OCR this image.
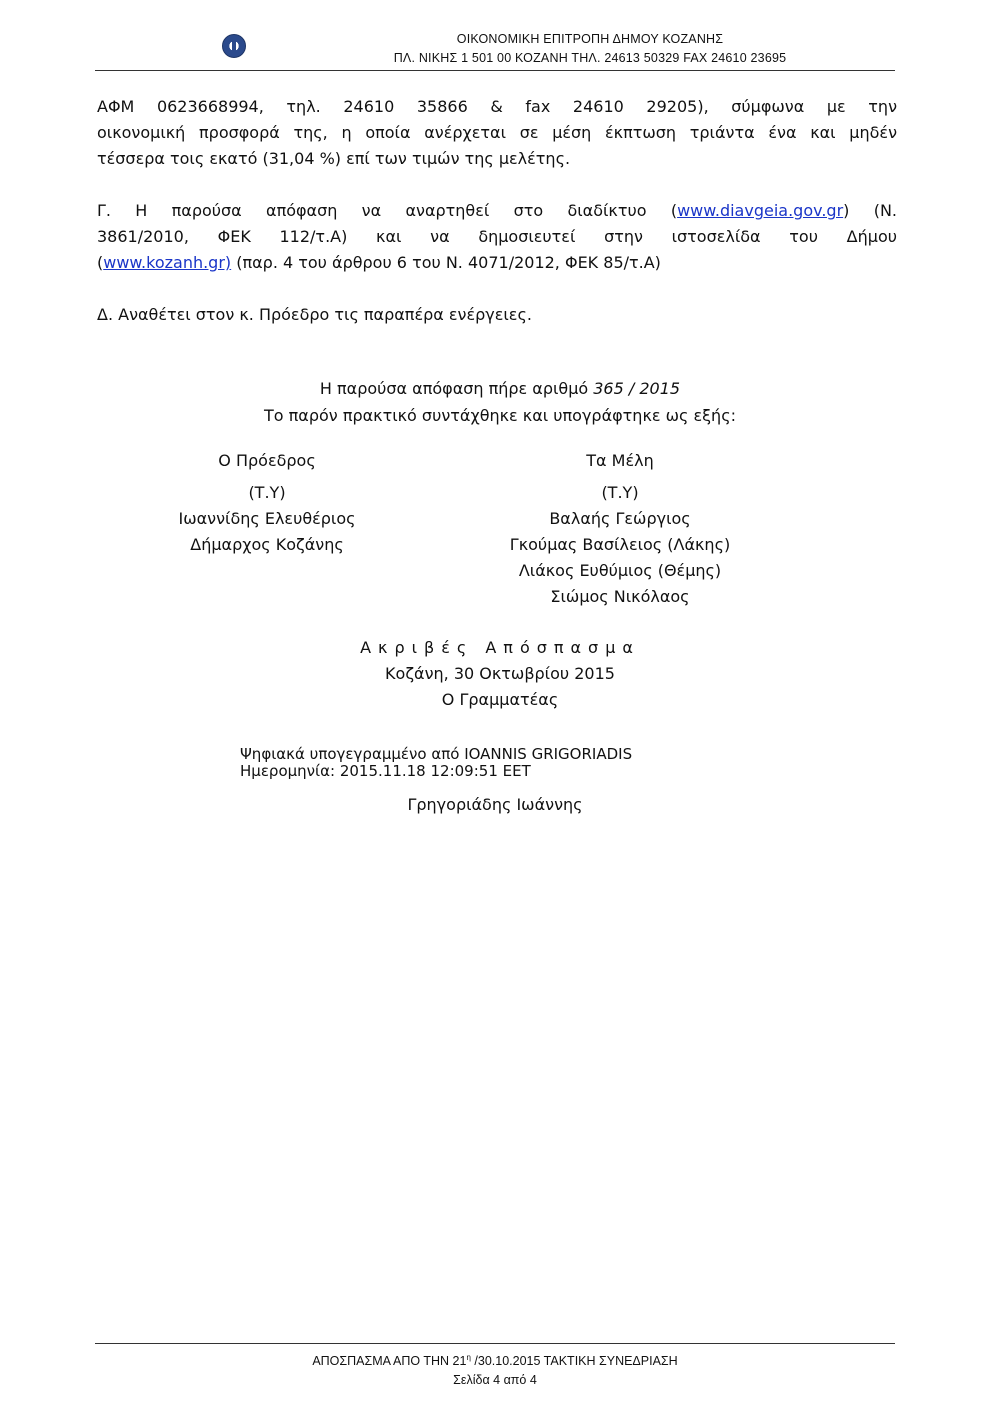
ΟΙΚΟΝΟΜΙΚΗ ΕΠΙΤΡΟΠΗ ΔΗΜΟΥ ΚΟΖΑΝΗΣ
ΠΛ. ΝΙΚΗΣ 1 501 00 ΚΟΖΑΝΗ ΤΗΛ. 24613 50329 FAX 24610 23695
ΑΦΜ 0623668994, τηλ. 24610 35866 & fax 24610 29205), σύμφωνα με την
οικονομική προσφορά της, η οποία ανέρχεται σε μέση έκπτωση τριάντα ένα και μηδέν
τέσσερα τοις εκατό (31,04 %) επί των τιμών της μελέτης.
Γ. Η παρούσα απόφαση να αναρτηθεί στο διαδίκτυο (www.diavgeia.gov.gr) (Ν.
3861/2010, ΦΕΚ 112/τ.Α) και να δημοσιευτεί στην ιστοσελίδα του Δήμου
(www.kozanh.gr) (παρ. 4 του άρθρου 6 του Ν. 4071/2012, ΦΕΚ 85/τ.Α)
Δ. Αναθέτει στον κ. Πρόεδρο τις παραπέρα ενέργειες.
Η παρούσα απόφαση πήρε αριθμό 365 / 2015
Το παρόν πρακτικό συντάχθηκε και υπογράφτηκε ως εξής:
Ο Πρόεδρος
(Τ.Υ)
Ιωαννίδης Ελευθέριος
Δήμαρχος Κοζάνης
Τα Μέλη
(Τ.Υ)
Βαλαής Γεώργιος
Γκούμας Βασίλειος (Λάκης)
Λιάκος Ευθύμιος (Θέμης)
Σιώμος Νικόλαος
Ακριβές Απόσπασμα
Κοζάνη, 30 Οκτωβρίου 2015
Ο Γραμματέας
Ψηφιακά υπογεγραμμένο από IOANNIS GRIGORIADIS
Ημερομηνία: 2015.11.18 12:09:51 EET
Γρηγοριάδης Ιωάννης
ΑΠΟΣΠΑΣΜΑ ΑΠΟ ΤΗΝ $21^\eta$ /30.10.2015 ΤΑΚΤΙΚΗ ΣΥΝΕΔΡΙΑΣΗ
Σελίδα 4 από 4
